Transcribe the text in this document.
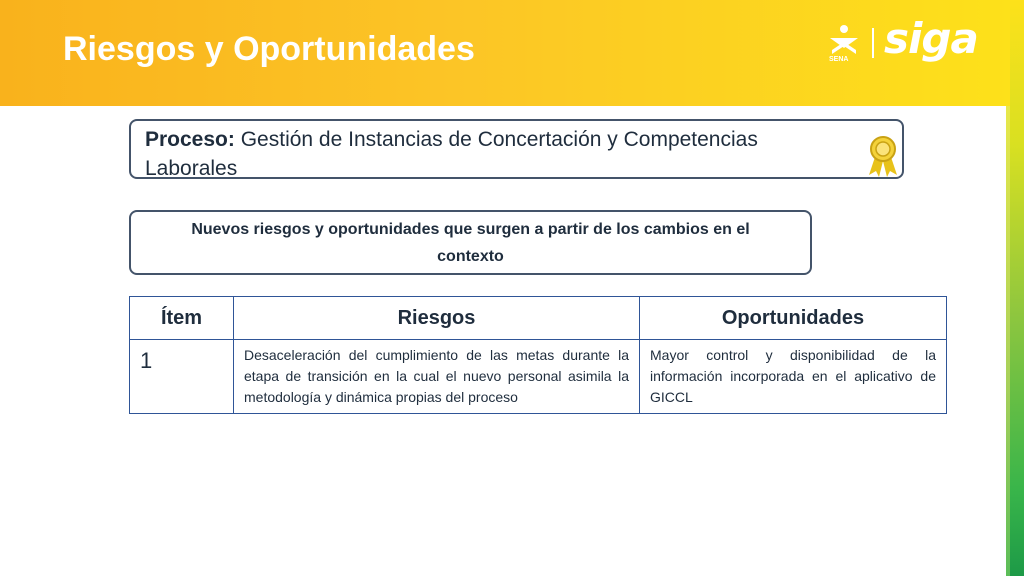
Riesgos y Oportunidades	SENA siga
Proceso: Gestión de Instancias de Concertación y Competencias Laborales
Nuevos riesgos y oportunidades que surgen a partir de los cambios en el contexto
Ítem	Riesgos	Oportunidades
1	Desaceleración del cumplimiento de las metas durante la etapa de transición en la cual el nuevo personal asimila la metodología y dinámica propias del proceso	Mayor control y disponibilidad de la información incorporada en el aplicativo de GICCL
